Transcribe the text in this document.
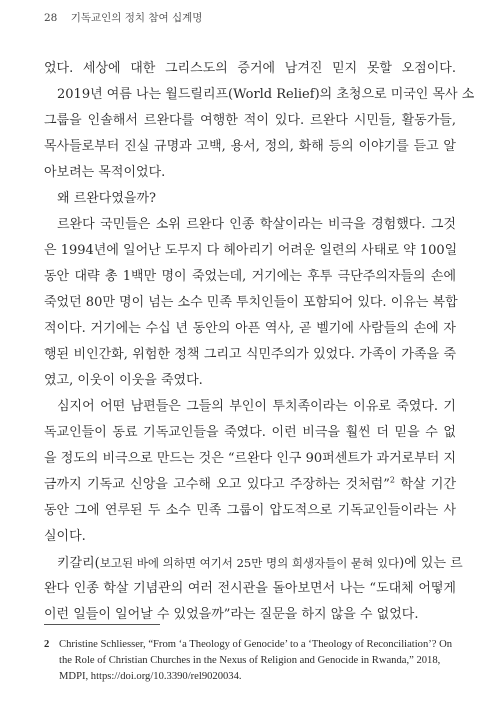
28 기독교인의 정치 참여 십계명
었다. 세상에 대한 그리스도의 증거에 남겨진 믿지 못할 오점이다.
2019년 여름 나는 월드릴리프(World Relief)의 초청으로 미국인 목사 소
그룹을 인솔해서 르완다를 여행한 적이 있다. 르완다 시민들, 활동가들,
목사들로부터 진실 규명과 고백, 용서, 정의, 화해 등의 이야기를 듣고 알
아보려는 목적이었다.
왜 르완다였을까?
르완다 국민들은 소위 르완다 인종 학살이라는 비극을 경험했다. 그것
은 1994년에 일어난 도무지 다 헤아리기 어려운 일련의 사태로 약 100일
동안 대략 총 1백만 명이 죽었는데, 거기에는 후투 극단주의자들의 손에
죽었던 80만 명이 넘는 소수 민족 투치인들이 포함되어 있다. 이유는 복합
적이다. 거기에는 수십 년 동안의 아픈 역사, 곧 벨기에 사람들의 손에 자
행된 비인간화, 위험한 정책 그리고 식민주의가 있었다. 가족이 가족을 죽
였고, 이웃이 이웃을 죽였다.
심지어 어떤 남편들은 그들의 부인이 투치족이라는 이유로 죽였다. 기
독교인들이 동료 기독교인들을 죽였다. 이런 비극을 훨씬 더 믿을 수 없
을 정도의 비극으로 만드는 것은 “르완다 인구 90퍼센트가 과거로부터 지
금까지 기독교 신앙을 고수해 오고 있다고 주장하는 것처럼”$^2$ 학살 기간
동안 그에 연루된 두 소수 민족 그룹이 압도적으로 기독교인들이라는 사
실이다.
키갈리(보고된 바에 의하면 여기서 25만 명의 희생자들이 묻혀 있다)에 있는 르
완다 인종 학살 기념관의 여러 전시관을 돌아보면서 나는 “도대체 어떻게
이런 일들이 일어날 수 있었을까”라는 질문을 하지 않을 수 없었다.
2 Christine Schliesser, “From ‘a Theology of Genocide’ to a ‘Theology of Reconciliation’? On
the Role of Christian Churches in the Nexus of Religion and Genocide in Rwanda,” 2018,
MDPI, https://doi.org/10.3390/rel9020034.
